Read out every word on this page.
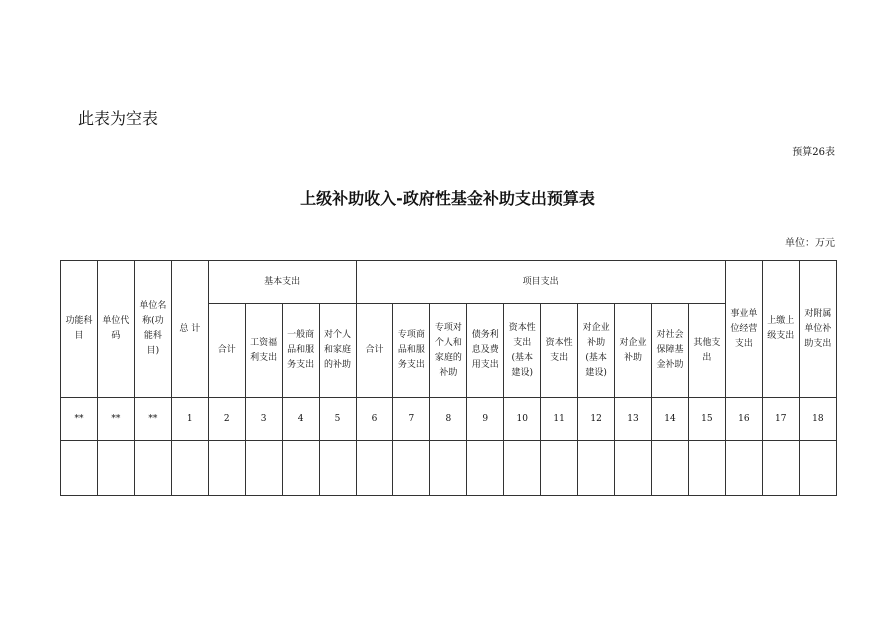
此表为空表
预算26表
上级补助收入-政府性基金补助支出预算表
单位：万元
功能科目	单位代码	单位名称(功能科目)	总 计	基本支出				项目支出										事业单位经营支出	上缴上级支出	对附属单位补助支出
				合计	工资福利支出	一般商品和服务支出	对个人和家庭的补助	合计	专项商品和服务支出	专项对个人和家庭的补助	债务利息及费用支出	资本性支出(基本建设)	资本性支出	对企业补助(基本建设)	对企业补助	对社会保障基金补助	其他支出			
**	**	**	1	2	3	4	5	6	7	8	9	10	11	12	13	14	15	16	17	18
